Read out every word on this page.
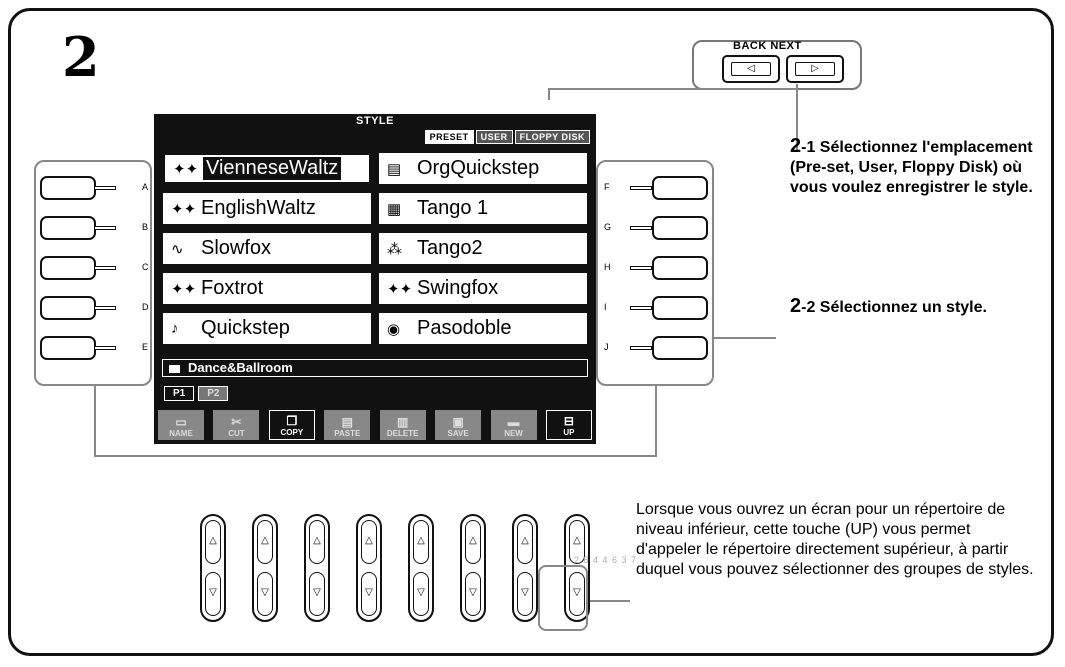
2	BACK NEXT
◁	▷
STYLE
PRESET	USER	FLOPPY DISK
✦✦ VienneseWaltz
✦✦ EnglishWaltz
∿ Slowfox
✦✦ Foxtrot
♪	Quickstep
▤ OrgQuickstep
▦ Tango 1
⁂ Tango2
✦✦ Swingfox
◉ Pasodoble
Dance&Ballroom
P1	P2
▭
NAME
✂
CUT
❐
COPY
▤
PASTE
▥
DELETE
▣
SAVE
▬
NEW
⊟
UP
A
B
C
D
E
F
G
H
I
J
2-1 Sélectionnez l'emplacement (Pre-set, User, Floppy Disk) où vous voulez enregistrer le style.
2-2 Sélectionnez un style.
△
▽
△
▽
△
▽
△
▽
△
▽
△
▽
△
▽
△
▽
2 8 4 4 6 3 7
Lorsque vous ouvrez un écran pour un répertoire de niveau inférieur, cette touche (UP) vous permet d'appeler le répertoire directement supérieur, à partir duquel vous pouvez sélectionner des groupes de styles.
